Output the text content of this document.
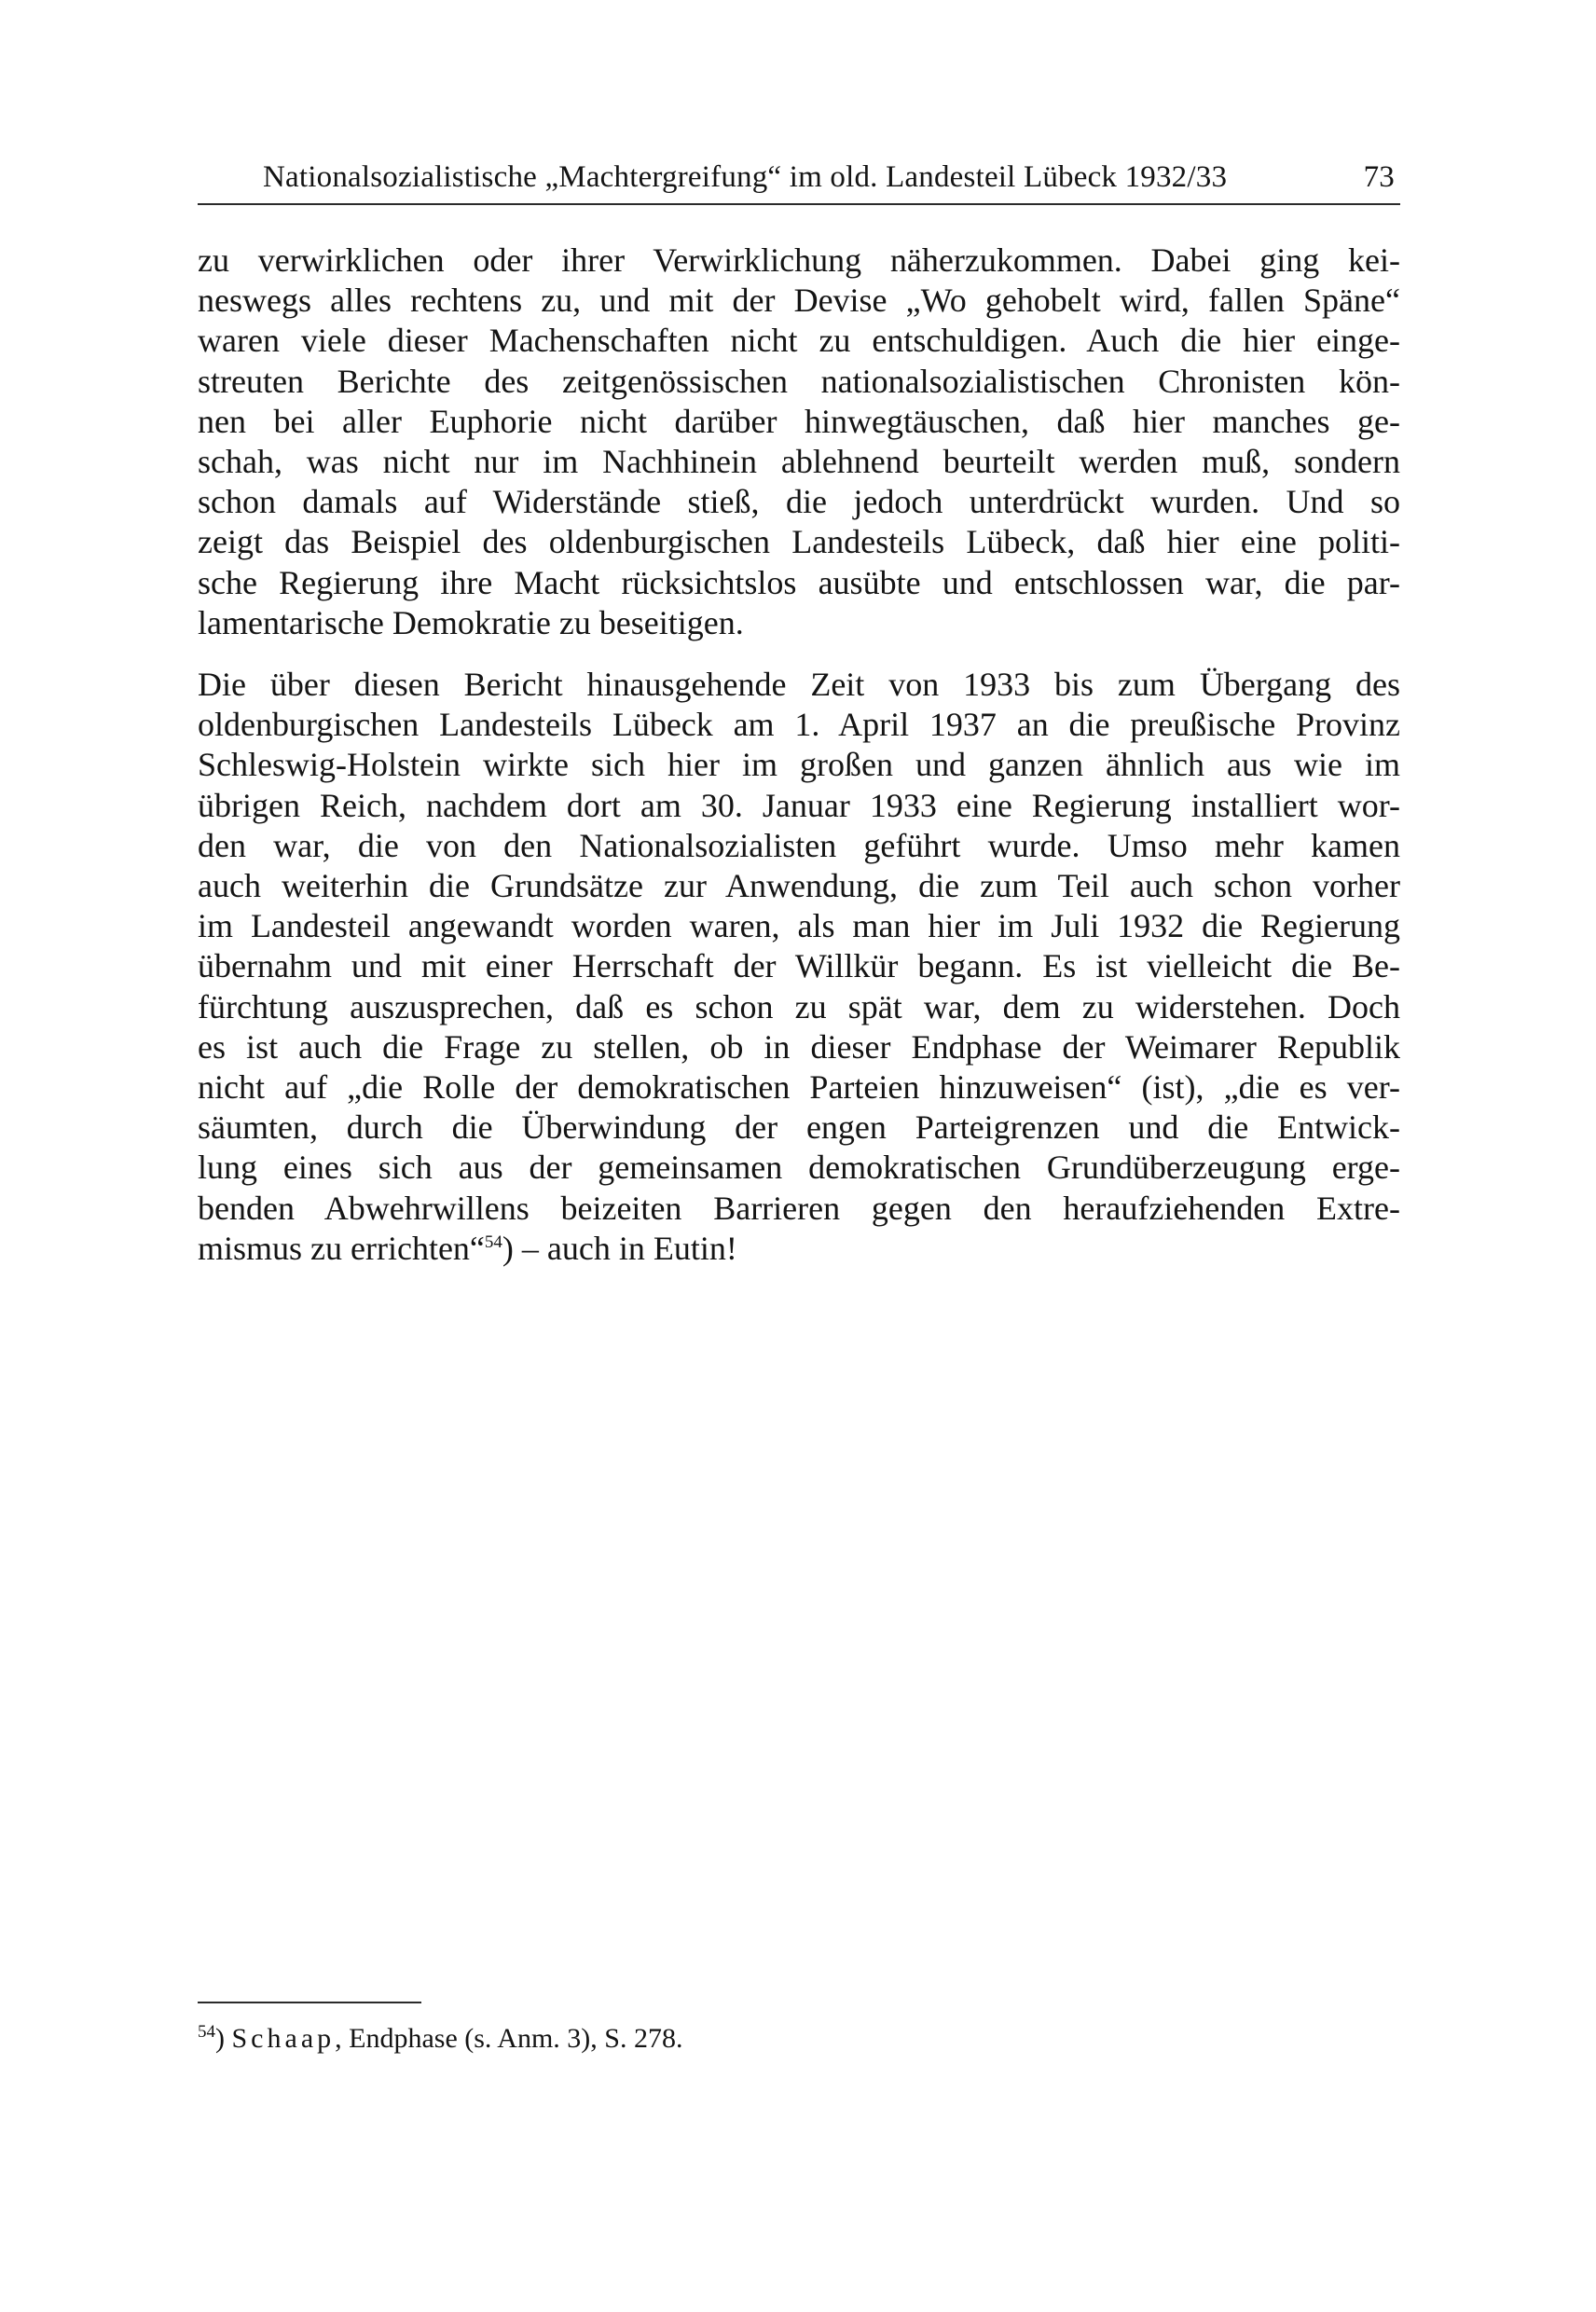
Nationalsozialistische „Machtergreifung“ im old. Landesteil Lübeck 1932/33	73

zu verwirklichen oder ihrer Verwirklichung näherzukommen. Dabei ging kei-
neswegs alles rechtens zu, und mit der Devise „Wo gehobelt wird, fallen Späne“
waren viele dieser Machenschaften nicht zu entschuldigen. Auch die hier einge-
streuten Berichte des zeitgenössischen nationalsozialistischen Chronisten kön-
nen bei aller Euphorie nicht darüber hinwegtäuschen, daß hier manches ge-
schah, was nicht nur im Nachhinein ablehnend beurteilt werden muß, sondern
schon damals auf Widerstände stieß, die jedoch unterdrückt wurden. Und so
zeigt das Beispiel des oldenburgischen Landesteils Lübeck, daß hier eine politi-
sche Regierung ihre Macht rücksichtslos ausübte und entschlossen war, die par-
lamentarische Demokratie zu beseitigen.

Die über diesen Bericht hinausgehende Zeit von 1933 bis zum Übergang des
oldenburgischen Landesteils Lübeck am 1. April 1937 an die preußische Provinz
Schleswig-Holstein wirkte sich hier im großen und ganzen ähnlich aus wie im
übrigen Reich, nachdem dort am 30. Januar 1933 eine Regierung installiert wor-
den war, die von den Nationalsozialisten geführt wurde. Umso mehr kamen
auch weiterhin die Grundsätze zur Anwendung, die zum Teil auch schon vorher
im Landesteil angewandt worden waren, als man hier im Juli 1932 die Regierung
übernahm und mit einer Herrschaft der Willkür begann. Es ist vielleicht die Be-
fürchtung auszusprechen, daß es schon zu spät war, dem zu widerstehen. Doch
es ist auch die Frage zu stellen, ob in dieser Endphase der Weimarer Republik
nicht auf „die Rolle der demokratischen Parteien hinzuweisen“ (ist), „die es ver-
säumten, durch die Überwindung der engen Parteigrenzen und die Entwick-
lung eines sich aus der gemeinsamen demokratischen Grundüberzeugung erge-
benden Abwehrwillens beizeiten Barrieren gegen den heraufziehenden Extre-
mismus zu errichten“$^{54}$) – auch in Eutin!

$^{54}$) Schaap, Endphase (s. Anm. 3), S. 278.
